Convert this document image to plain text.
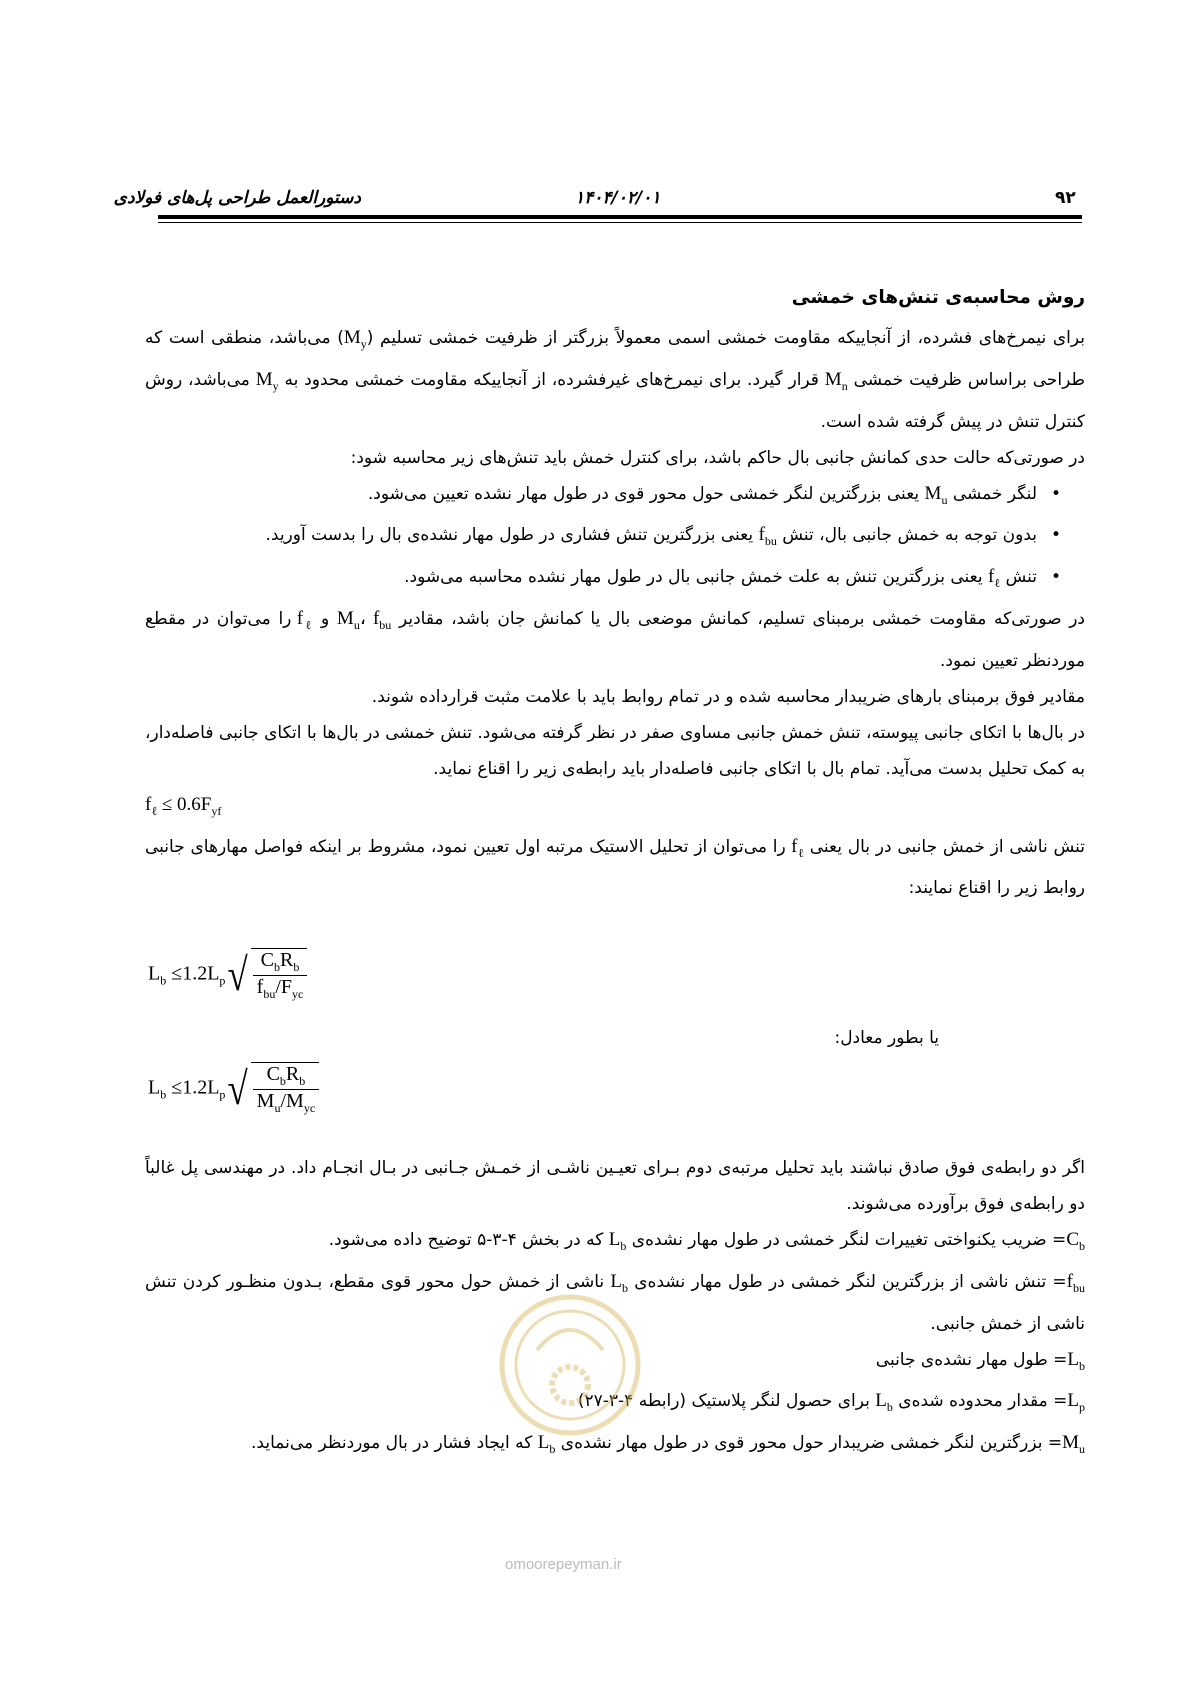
دستورالعمل طراحی پل‌های فولادی	۱۴۰۴/۰۲/۰۱	۹۲

روش محاسبه‌ی تنش‌های خمشی

برای نیمرخ‌های فشرده، از آنجاییکه مقاومت خمشی اسمی معمولاً بزرگتر از ظرفیت خمشی تسلیم $(M_y)$ می‌باشد، منطقی است که طراحی براساس ظرفیت خمشی $M_n$ قرار گیرد. برای نیمرخ‌های غیرفشرده، از آنجاییکه مقاومت خمشی محدود به $M_y$ می‌باشد، روش کنترل تنش در پیش گرفته شده است.

در صورتی‌که حالت حدی کمانش جانبی بال حاکم باشد، برای کنترل خمش باید تنش‌های زیر محاسبه شود:

• لنگر خمشی $M_u$ یعنی بزرگترین لنگر خمشی حول محور قوی در طول مهار نشده تعیین می‌شود.

• بدون توجه به خمش جانبی بال، تنش $f_{bu}$ یعنی بزرگترین تنش فشاری در طول مهار نشده‌ی بال را بدست آورید.

• تنش $f_\ell$ یعنی بزرگترین تنش به علت خمش جانبی بال در طول مهار نشده محاسبه می‌شود.

در صورتی‌که مقاومت خمشی برمبنای تسلیم، کمانش موضعی بال یا کمانش جان باشد، مقادیر $M_u،$ $f_{bu}$ و $f_\ell$ را می‌توان در مقطع موردنظر تعیین نمود.

مقادیر فوق برمبنای بارهای ضریبدار محاسبه شده و در تمام روابط باید با علامت مثبت قرارداده شوند.

در بال‌ها با اتکای جانبی پیوسته، تنش خمش جانبی مساوی صفر در نظر گرفته می‌شود. تنش خمشی در بال‌ها با اتکای جانبی فاصله‌دار، به کمک تحلیل بدست می‌آید. تمام بال با اتکای جانبی فاصله‌دار باید رابطه‌ی زیر را اقناع نماید.

$f_\ell \le 0.6F_{yf}$

تنش ناشی از خمش جانبی در بال یعنی $f_\ell$ را می‌توان از تحلیل الاستیک مرتبه اول تعیین نمود، مشروط بر اینکه فواصل مهارهای جانبی روابط زیر را اقناع نمایند:

$L_b \le 1.2L_p√ \frac{C_bR_b}{f_{bu}/F_{yc}}$
یا بطور معادل:
$L_b \le 1.2L_p√ \frac{C_bR_b}{M_u/M_{yc}}$

اگر دو رابطه‌ی فوق صادق نباشند باید تحلیل مرتبه‌ی دوم بـرای تعیـین ناشـی از خمـش جـانبی در بـال انجـام داد. در مهندسی پل غالباً دو رابطه‌ی فوق برآورده می‌شوند.

$C_b=$ ضریب یکنواختی تغییرات لنگر خمشی در طول مهار نشده‌ی $L_b$ که در بخش ۴-۳-۵ توضیح داده می‌شود.

$f_{bu}=$ تنش ناشی از بزرگترین لنگر خمشی در طول مهار نشده‌ی $L_b$ ناشی از خمش حول محور قوی مقطع، بـدون منظـور کردن تنش ناشی از خمش جانبی.

$L_b=$ طول مهار نشده‌ی جانبی

$L_p=$ مقدار محدوده شده‌ی $L_b$ برای حصول لنگر پلاستیک (رابطه ۴-۳-۲۷)

$M_u=$ بزرگترین لنگر خمشی ضریبدار حول محور قوی در طول مهار نشده‌ی $L_b$ که ایجاد فشار در بال موردنظر می‌نماید.

omoorepeyman.ir
